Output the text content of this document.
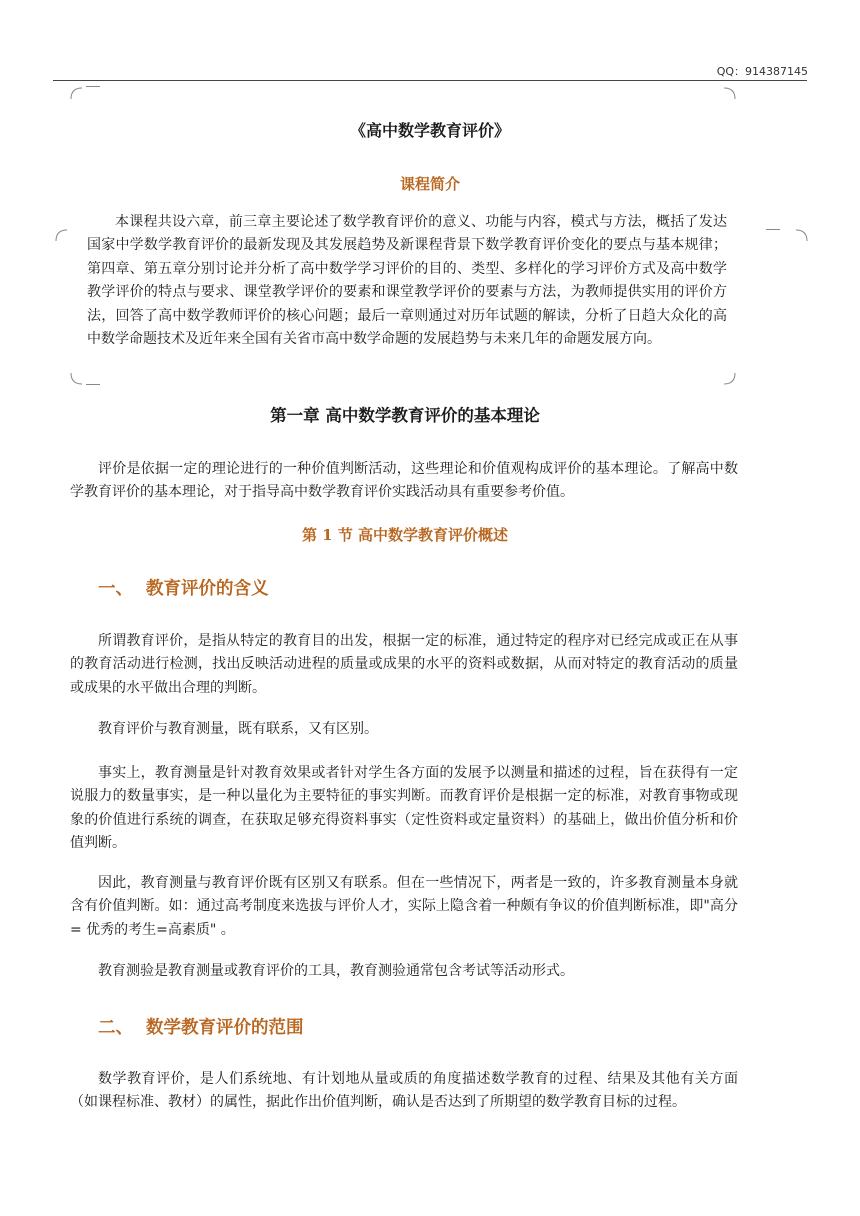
QQ：914387145
《高中数学教育评价》
课程简介
本课程共设六章，前三章主要论述了数学教育评价的意义、功能与内容，模式与方法，概括了发达国家中学数学教育评价的最新发现及其发展趋势及新课程背景下数学教育评价变化的要点与基本规律；第四章、第五章分别讨论并分析了高中数学学习评价的目的、类型、多样化的学习评价方式及高中数学教学评价的特点与要求、课堂教学评价的要素和课堂教学评价的要素与方法，为教师提供实用的评价方法，回答了高中数学教师评价的核心问题；最后一章则通过对历年试题的解读，分析了日趋大众化的高中数学命题技术及近年来全国有关省市高中数学命题的发展趋势与未来几年的命题发展方向。
第一章 高中数学教育评价的基本理论
评价是依据一定的理论进行的一种价值判断活动，这些理论和价值观构成评价的基本理论。了解高中数学教育评价的基本理论，对于指导高中数学教育评价实践活动具有重要参考价值。
第 1 节 高中数学教育评价概述
一、 教育评价的含义
所谓教育评价，是指从特定的教育目的出发，根据一定的标准，通过特定的程序对已经完成或正在从事的教育活动进行检测，找出反映活动进程的质量或成果的水平的资料或数据，从而对特定的教育活动的质量或成果的水平做出合理的判断。
教育评价与教育测量，既有联系，又有区别。
事实上，教育测量是针对教育效果或者针对学生各方面的发展予以测量和描述的过程，旨在获得有一定说服力的数量事实，是一种以量化为主要特征的事实判断。而教育评价是根据一定的标准，对教育事物或现象的价值进行系统的调查，在获取足够充得资料事实（定性资料或定量资料）的基础上，做出价值分析和价值判断。
因此，教育测量与教育评价既有区别又有联系。但在一些情况下，两者是一致的，许多教育测量本身就含有价值判断。如：通过高考制度来选拔与评价人才，实际上隐含着一种颇有争议的价值判断标准，即"高分= 优秀的考生=高素质" 。
教育测验是教育测量或教育评价的工具，教育测验通常包含考试等活动形式。
二、 数学教育评价的范围
数学教育评价，是人们系统地、有计划地从量或质的角度描述数学教育的过程、结果及其他有关方面（如课程标准、教材）的属性，据此作出价值判断，确认是否达到了所期望的数学教育目标的过程。
